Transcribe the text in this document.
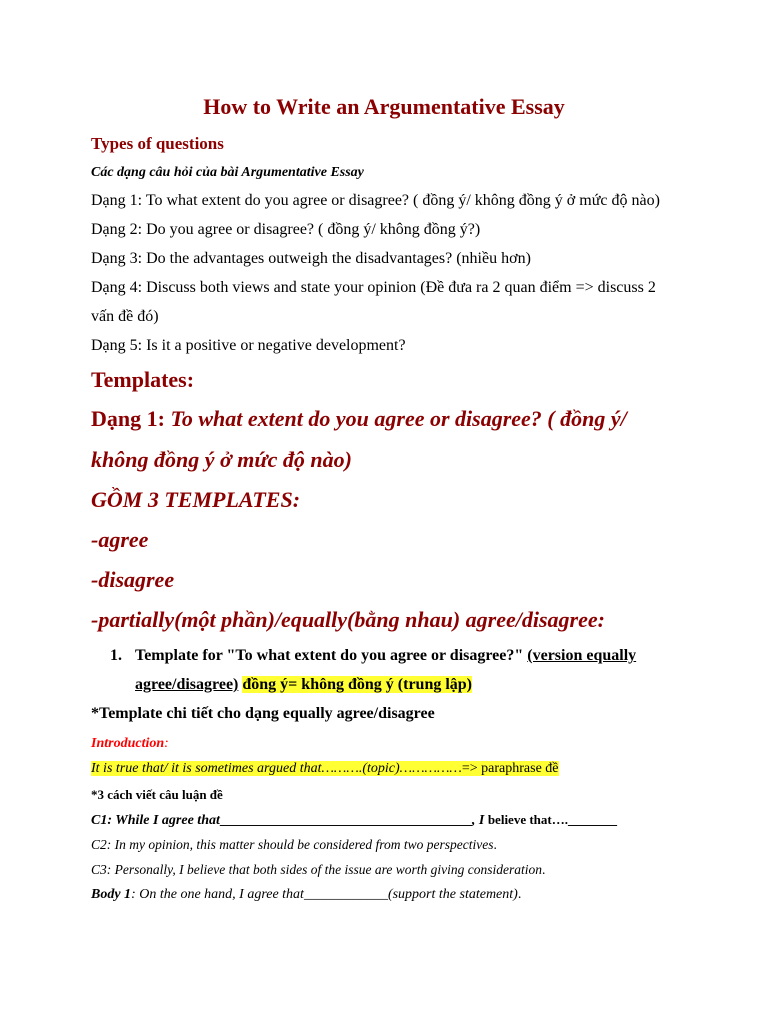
How to Write an Argumentative Essay
Types of questions
Các dạng câu hỏi của bài Argumentative Essay
Dạng 1: To what extent do you agree or disagree? ( đồng ý/ không đồng ý ở mức độ nào)
Dạng 2: Do you agree or disagree? ( đồng ý/ không đồng ý?)
Dạng 3: Do the advantages outweigh the disadvantages? (nhiều hơn)
Dạng 4: Discuss both views and state your opinion (Đề đưa ra 2 quan điểm => discuss 2
vấn đề đó)
Dạng 5: Is it a positive or negative development?
Templates:
Dạng 1: To what extent do you agree or disagree? ( đồng ý/
không đồng ý ở mức độ nào)
GỒM 3 TEMPLATES:
-agree
-disagree
-partially(một phần)/equally(bằng nhau) agree/disagree:
1. Template for "To what extent do you agree or disagree?" (version equally
agree/disagree) đồng ý= không đồng ý (trung lập)
*Template chi tiết cho dạng equally agree/disagree
Introduction:
It is true that/ it is sometimes argued that……….(topic)……………=> paraphrase đề
*3 cách viết câu luận đề
C1: While I agree that____________________________________, I believe that…._______
C2: In my opinion, this matter should be considered from two perspectives.
C3: Personally, I believe that both sides of the issue are worth giving consideration.
Body 1: On the one hand, I agree that____________(support the statement).
